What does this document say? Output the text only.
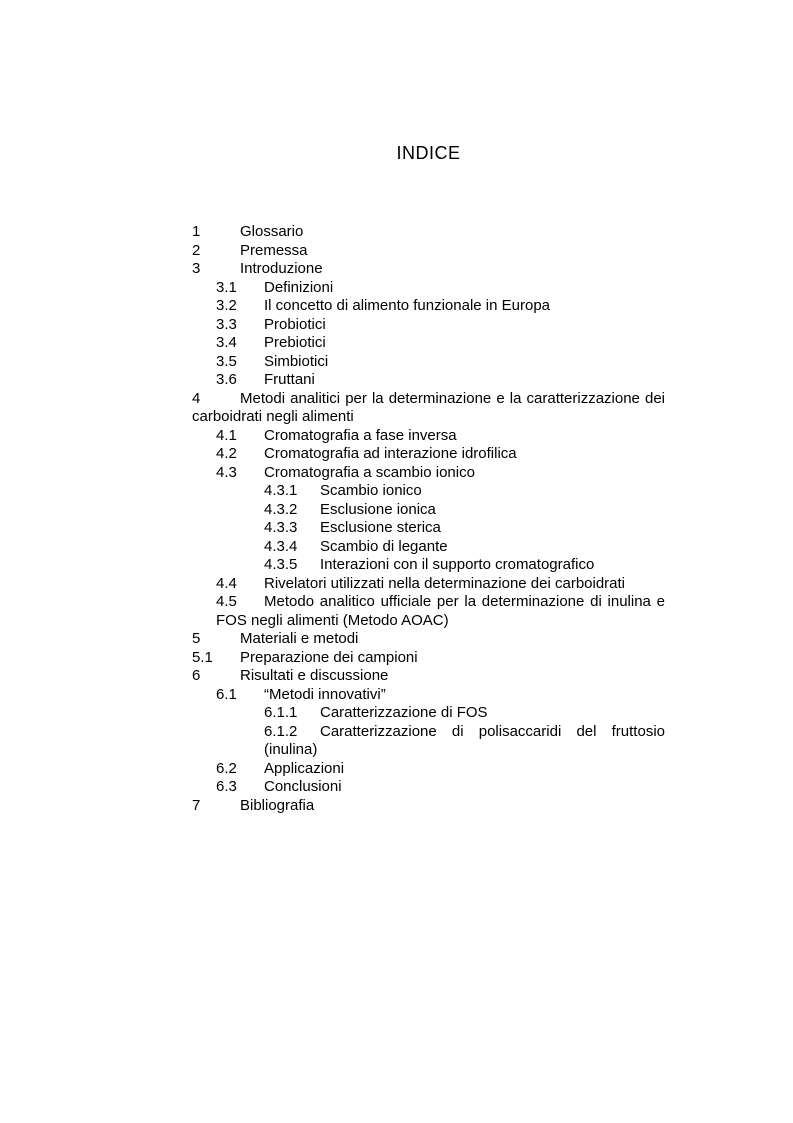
INDICE
1	Glossario
2	Premessa
3	Introduzione
3.1 Definizioni
3.2 Il concetto di alimento funzionale in Europa
3.3 Probiotici
3.4 Prebiotici
3.5 Simbiotici
3.6 Fruttani
4	Metodi analitici per la determinazione e la caratterizzazione dei carboidrati negli alimenti
4.1 Cromatografia a fase inversa
4.2 Cromatografia ad interazione idrofilica
4.3 Cromatografia a scambio ionico
4.3.1 Scambio ionico
4.3.2 Esclusione ionica
4.3.3 Esclusione sterica
4.3.4 Scambio di legante
4.3.5 Interazioni con il supporto cromatografico
4.4 Rivelatori utilizzati nella determinazione dei carboidrati
4.5 Metodo analitico ufficiale per la determinazione di inulina e FOS negli alimenti (Metodo AOAC)
5	Materiali e metodi
5.1 Preparazione dei campioni
6	Risultati e discussione
6.1 “Metodi innovativi”
6.1.1 Caratterizzazione di FOS
6.1.2 Caratterizzazione di polisaccaridi del fruttosio (inulina)
6.2 Applicazioni
6.3 Conclusioni
7	Bibliografia
